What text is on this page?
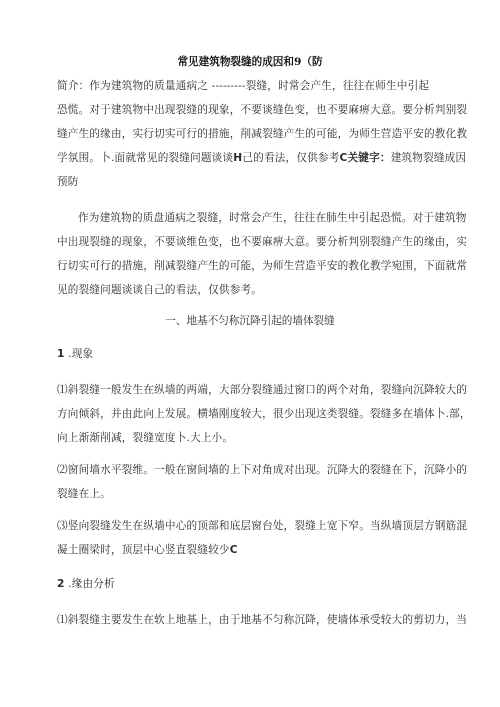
常见建筑物裂缝的成因和9（防
简介：作为建筑物的质量通病之 ---------裂缝，时常会产生，往往在师生中引起
恐慌。对于建筑物中出现裂缝的现象，不要谈缝色变，也不要麻痹大意。要分析判别裂
缝产生的缘由，实行切实可行的措施，削减裂缝产生的可能，为师生营造平安的教化教
学氛围。卜.面就常见的裂缝问题谈谈H己的看法，仅供参考C关键字：建筑物裂缝成因
预防
作为建筑物的质盘通病之裂缝，时常会产生，往往在肺生中引起恐慌。对于建筑物
中出现裂缝的现象，不要谈维色变，也不要麻痹大意。要分析判别裂缝产生的缘由，实
行切实可行的措施，削减裂缝产生的可能，为师生营造平安的教化教学宛围，下面就常
见的裂缝问题谈谈自己的看法，仅供参考。
一、地基不匀称沉降引起的墙体裂缝
1 .现象
⑴斜裂缝一般发生在纵墙的两端，大部分裂缝通过窗口的两个对角，裂缝向沉降较大的
方向倾斜，并由此向上发展。横墙刚度较大，很少出现这类裂缝。裂缝多在墙体卜.部，
向上渐渐削减，裂缝宽度卜.大上小。
⑵窗间墙水平裂维。一般在窗间墙的上下对角成对出现。沉降大的裂缝在下，沉降小的
裂缝在上。
⑶竖向裂缝发生在纵墙中心的顶部和底层窗台处，裂缝上宽下窄。当纵墙顶层方钢筋混
凝土圈梁时，顶层中心竖直裂缝较少C
2 .缘由分析
⑴斜裂缝主要发生在软上地基上，由于地基不匀称沉降，使墙体承受较大的剪切力，当
